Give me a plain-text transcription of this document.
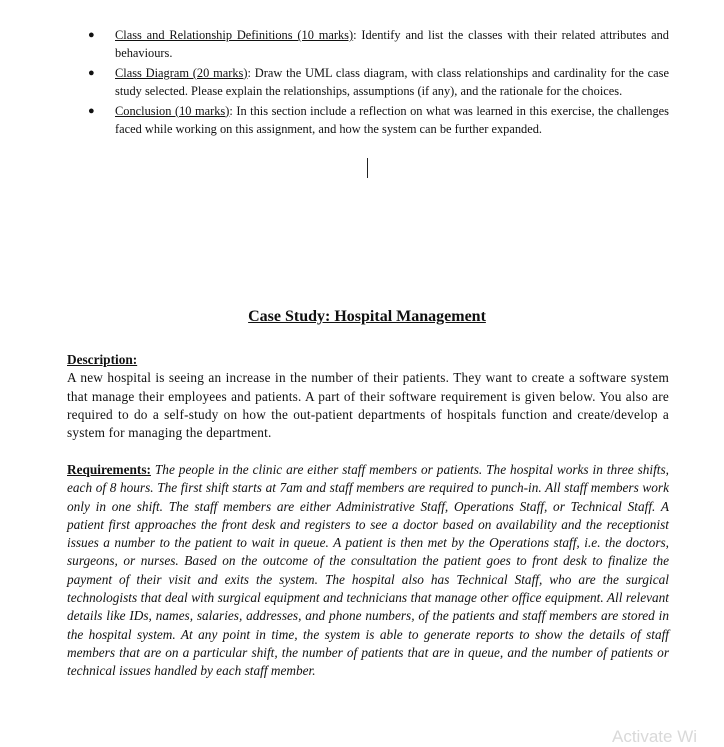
● Class and Relationship Definitions (10 marks): Identify and list the classes with their related attributes and behaviours.
● Class Diagram (20 marks): Draw the UML class diagram, with class relationships and cardinality for the case study selected. Please explain the relationships, assumptions (if any), and the rationale for the choices.
● Conclusion (10 marks): In this section include a reflection on what was learned in this exercise, the challenges faced while working on this assignment, and how the system can be further expanded.
Case Study: Hospital Management
Description:

A new hospital is seeing an increase in the number of their patients. They want to create a software system that manage their employees and patients. A part of their software requirement is given below. You also are required to do a self-study on how the out-patient departments of hospitals function and create/develop a system for managing the department.

Requirements: The people in the clinic are either staff members or patients. The hospital works in three shifts, each of 8 hours. The first shift starts at 7am and staff members are required to punch-in. All staff members work only in one shift. The staff members are either Administrative Staff, Operations Staff, or Technical Staff. A patient first approaches the front desk and registers to see a doctor based on availability and the receptionist issues a number to the patient to wait in queue. A patient is then met by the Operations staff, i.e. the doctors, surgeons, or nurses. Based on the outcome of the consultation the patient goes to front desk to finalize the payment of their visit and exits the system. The hospital also has Technical Staff, who are the surgical technologists that deal with surgical equipment and technicians that manage other office equipment. All relevant details like IDs, names, salaries, addresses, and phone numbers, of the patients and staff members are stored in the hospital system. At any point in time, the system is able to generate reports to show the details of staff members that are on a particular shift, the number of patients that are in queue, and the number of patients or technical issues handled by each staff member.
Activate Wi
